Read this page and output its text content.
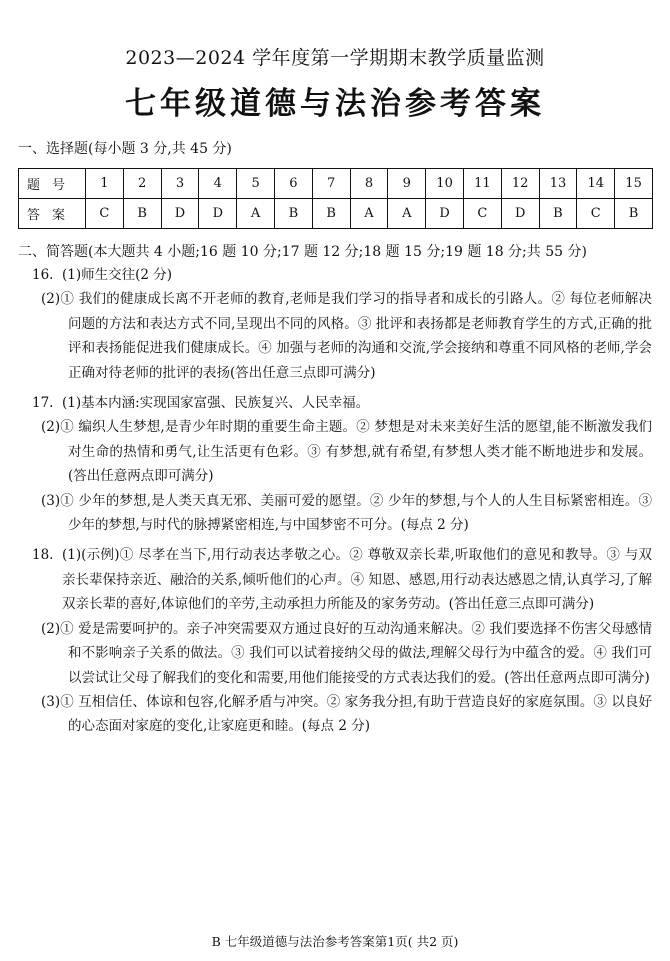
2023—2024 学年度第一学期期末教学质量监测

七年级道德与法治参考答案

一、选择题(每小题 3 分,共 45 分)

题号	1	2	3	4	5	6	7	8	9	10	11	12	13	14	15
答案	C	B	D	D	A	B	B	A	A	D	C	D	B	C	B

二、简答题(本大题共 4 小题;16 题 10 分;17 题 12 分;18 题 15 分;19 题 18 分;共 55 分)

16. (1)师生交往(2 分)

(2)① 我们的健康成长离不开老师的教育,老师是我们学习的指导者和成长的引路人。② 每位老师解决问题的方法和表达方式不同,呈现出不同的风格。③ 批评和表扬都是老师教育学生的方式,正确的批评和表扬能促进我们健康成长。④ 加强与老师的沟通和交流,学会接纳和尊重不同风格的老师,学会正确对待老师的批评的表扬(答出任意三点即可满分)

17. (1)基本内涵:实现国家富强、民族复兴、人民幸福。

(2)① 编织人生梦想,是青少年时期的重要生命主题。② 梦想是对未来美好生活的愿望,能不断激发我们对生命的热情和勇气,让生活更有色彩。③ 有梦想,就有希望,有梦想人类才能不断地进步和发展。(答出任意两点即可满分)

(3)① 少年的梦想,是人类天真无邪、美丽可爱的愿望。② 少年的梦想,与个人的人生目标紧密相连。③ 少年的梦想,与时代的脉搏紧密相连,与中国梦密不可分。(每点 2 分)

18. (1)(示例)① 尽孝在当下,用行动表达孝敬之心。② 尊敬双亲长辈,听取他们的意见和教导。③ 与双亲长辈保持亲近、融洽的关系,倾听他们的心声。④ 知恩、感恩,用行动表达感恩之情,认真学习,了解双亲长辈的喜好,体谅他们的辛劳,主动承担力所能及的家务劳动。(答出任意三点即可满分)

(2)① 爱是需要呵护的。亲子冲突需要双方通过良好的互动沟通来解决。② 我们要选择不伤害父母感情和不影响亲子关系的做法。③ 我们可以试着接纳父母的做法,理解父母行为中蕴含的爱。④ 我们可以尝试让父母了解我们的变化和需要,用他们能接受的方式表达我们的爱。(答出任意两点即可满分)

(3)① 互相信任、体谅和包容,化解矛盾与冲突。② 家务我分担,有助于营造良好的家庭氛围。③ 以良好的心态面对家庭的变化,让家庭更和睦。(每点 2 分)

B 七年级道德与法治参考答案第1页( 共2 页)
